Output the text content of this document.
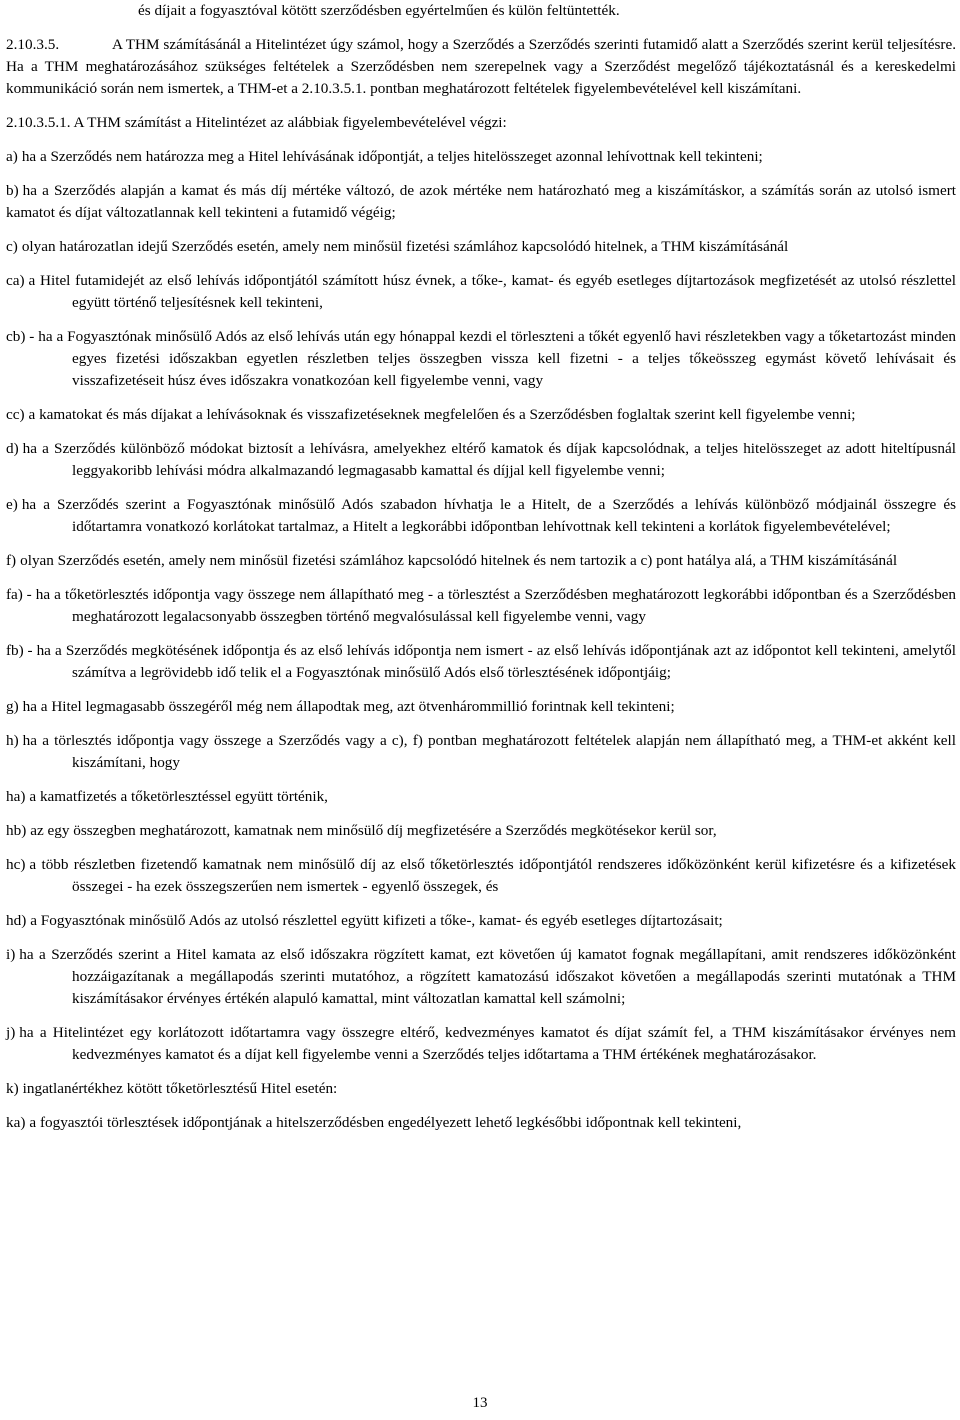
és díjait a fogyasztóval kötött szerződésben egyértelműen és külön feltüntették.

2.10.3.5.	A THM számításánál a Hitelintézet úgy számol, hogy a Szerződés a Szerződés szerinti futamidő alatt a Szerződés szerint kerül teljesítésre. Ha a THM meghatározásához szükséges feltételek a Szerződésben nem szerepelnek vagy a Szerződést megelőző tájékoztatásnál és a kereskedelmi kommunikáció során nem ismertek, a THM-et a 2.10.3.5.1. pontban meghatározott feltételek figyelembevételével kell kiszámítani.

2.10.3.5.1. A THM számítást a Hitelintézet az alábbiak figyelembevételével végzi:

a) ha a Szerződés nem határozza meg a Hitel lehívásának időpontját, a teljes hitelösszeget azonnal lehívottnak kell tekinteni;

b) ha a Szerződés alapján a kamat és más díj mértéke változó, de azok mértéke nem határozható meg a kiszámításkor, a számítás során az utolsó ismert kamatot és díjat változatlannak kell tekinteni a futamidő végéig;

c) olyan határozatlan idejű Szerződés esetén, amely nem minősül fizetési számlához kapcsolódó hitelnek, a THM kiszámításánál

ca) a Hitel futamidejét az első lehívás időpontjától számított húsz évnek, a tőke-, kamat- és egyéb esetleges díjtartozások megfizetését az utolsó részlettel együtt történő teljesítésnek kell tekinteni,

cb) - ha a Fogyasztónak minősülő Adós az első lehívás után egy hónappal kezdi el törleszteni a tőkét egyenlő havi részletekben vagy a tőketartozást minden egyes fizetési időszakban egyetlen részletben teljes összegben vissza kell fizetni - a teljes tőkeösszeg egymást követő lehívásait és visszafizetéseit húsz éves időszakra vonatkozóan kell figyelembe venni, vagy

cc) a kamatokat és más díjakat a lehívásoknak és visszafizetéseknek megfelelően és a Szerződésben foglaltak szerint kell figyelembe venni;

d) ha a Szerződés különböző módokat biztosít a lehívásra, amelyekhez eltérő kamatok és díjak kapcsolódnak, a teljes hitelösszeget az adott hiteltípusnál leggyakoribb lehívási módra alkalmazandó legmagasabb kamattal és díjjal kell figyelembe venni;

e) ha a Szerződés szerint a Fogyasztónak minősülő Adós szabadon hívhatja le a Hitelt, de a Szerződés a lehívás különböző módjainál összegre és időtartamra vonatkozó korlátokat tartalmaz, a Hitelt a legkorábbi időpontban lehívottnak kell tekinteni a korlátok figyelembevételével;

f) olyan Szerződés esetén, amely nem minősül fizetési számlához kapcsolódó hitelnek és nem tartozik a c) pont hatálya alá, a THM kiszámításánál

fa) - ha a tőketörlesztés időpontja vagy összege nem állapítható meg - a törlesztést a Szerződésben meghatározott legkorábbi időpontban és a Szerződésben meghatározott legalacsonyabb összegben történő megvalósulással kell figyelembe venni, vagy

fb) - ha a Szerződés megkötésének időpontja és az első lehívás időpontja nem ismert - az első lehívás időpontjának azt az időpontot kell tekinteni, amelytől számítva a legrövidebb idő telik el a Fogyasztónak minősülő Adós első törlesztésének időpontjáig;

g) ha a Hitel legmagasabb összegéről még nem állapodtak meg, azt ötvenhárommillió forintnak kell tekinteni;

h) ha a törlesztés időpontja vagy összege a Szerződés vagy a c), f) pontban meghatározott feltételek alapján nem állapítható meg, a THM-et akként kell kiszámítani, hogy

ha) a kamatfizetés a tőketörlesztéssel együtt történik,

hb) az egy összegben meghatározott, kamatnak nem minősülő díj megfizetésére a Szerződés megkötésekor kerül sor,

hc) a több részletben fizetendő kamatnak nem minősülő díj az első tőketörlesztés időpontjától rendszeres időközönként kerül kifizetésre és a kifizetések összegei - ha ezek összegszerűen nem ismertek - egyenlő összegek, és

hd) a Fogyasztónak minősülő Adós az utolsó részlettel együtt kifizeti a tőke-, kamat- és egyéb esetleges díjtartozásait;

i) ha a Szerződés szerint a Hitel kamata az első időszakra rögzített kamat, ezt követően új kamatot fognak megállapítani, amit rendszeres időközönként hozzáigazítanak a megállapodás szerinti mutatóhoz, a rögzített kamatozású időszakot követően a megállapodás szerinti mutatónak a THM kiszámításakor érvényes értékén alapuló kamattal, mint változatlan kamattal kell számolni;

j) ha a Hitelintézet egy korlátozott időtartamra vagy összegre eltérő, kedvezményes kamatot és díjat számít fel, a THM kiszámításakor érvényes nem kedvezményes kamatot és a díjat kell figyelembe venni a Szerződés teljes időtartama a THM értékének meghatározásakor.

k) ingatlanértékhez kötött tőketörlesztésű Hitel esetén:

ka) a fogyasztói törlesztések időpontjának a hitelszerződésben engedélyezett lehető legkésőbbi időpontnak kell tekinteni,

13
